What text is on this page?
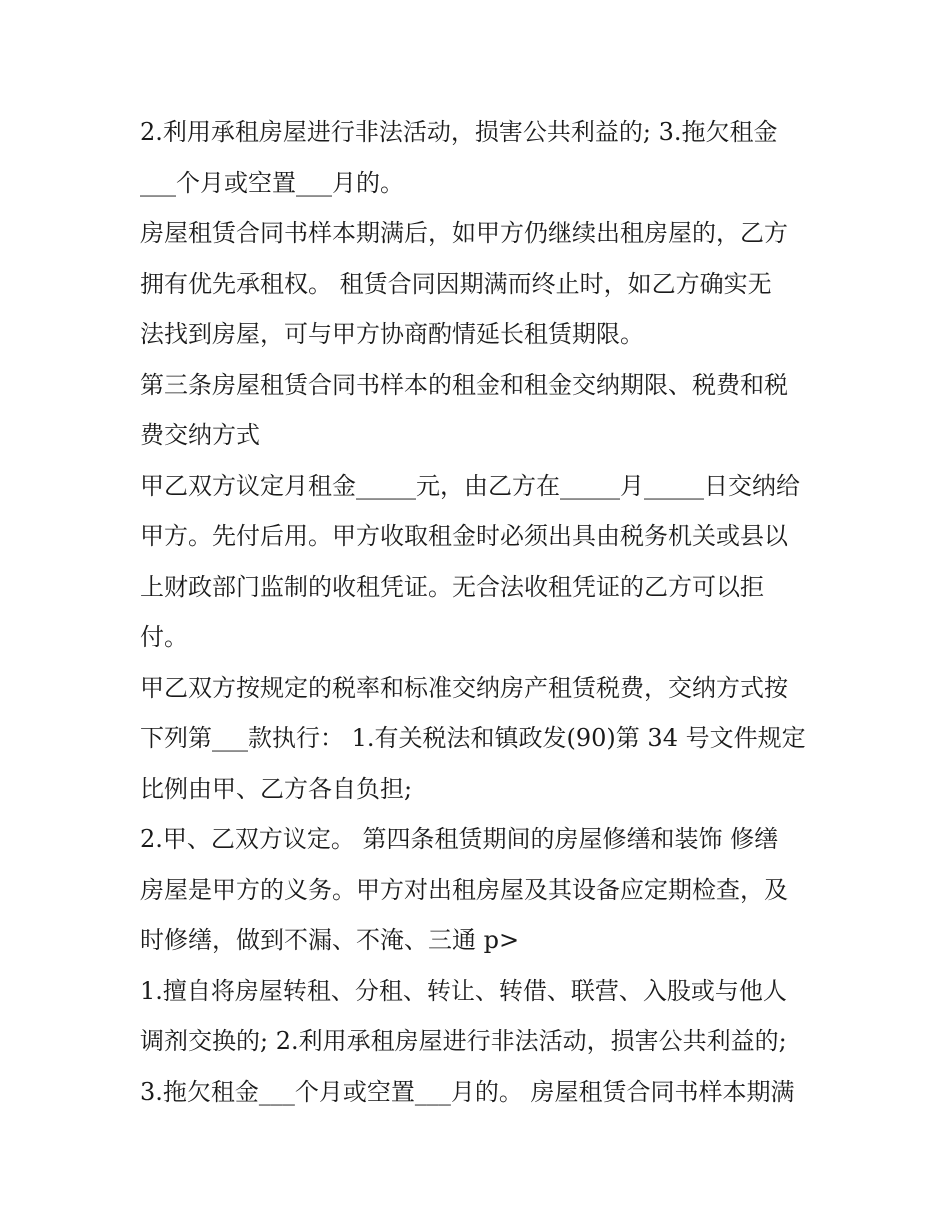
2.利用承租房屋进行非法活动，损害公共利益的; 3.拖欠租金
___个月或空置___月的。

房屋租赁合同书样本期满后，如甲方仍继续出租房屋的，乙方
拥有优先承租权。 租赁合同因期满而终止时，如乙方确实无
法找到房屋，可与甲方协商酌情延长租赁期限。

第三条房屋租赁合同书样本的租金和租金交纳期限、税费和税
费交纳方式

甲乙双方议定月租金_____元，由乙方在_____月_____日交纳给
甲方。先付后用。甲方收取租金时必须出具由税务机关或县以
上财政部门监制的收租凭证。无合法收租凭证的乙方可以拒
付。

甲乙双方按规定的税率和标准交纳房产租赁税费，交纳方式按
下列第___款执行： 1.有关税法和镇政发(90)第 34 号文件规定
比例由甲、乙方各自负担;

2.甲、乙双方议定。 第四条租赁期间的房屋修缮和装饰 修缮
房屋是甲方的义务。甲方对出租房屋及其设备应定期检查，及
时修缮，做到不漏、不淹、三通 p>

1.擅自将房屋转租、分租、转让、转借、联营、入股或与他人
调剂交换的; 2.利用承租房屋进行非法活动，损害公共利益的;
3.拖欠租金___个月或空置___月的。 房屋租赁合同书样本期满
